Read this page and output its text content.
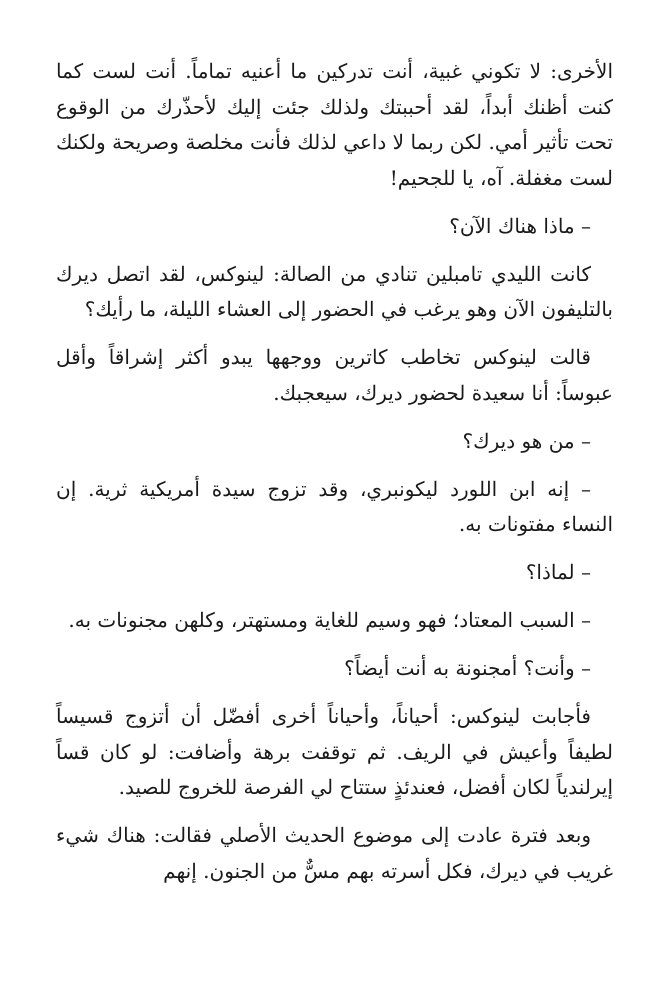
الأخرى: لا تكوني غبية، أنت تدركين ما أعنيه تماماً. أنت لست كما كنت أظنك أبداً، لقد أحببتك ولذلك جئت إليك لأحذّرك من الوقوع تحت تأثير أمي. لكن ربما لا داعي لذلك فأنت مخلصة وصريحة ولكنك لست مغفلة. آه، يا للجحيم!

– ماذا هناك الآن؟

كانت الليدي تامبلين تنادي من الصالة: لينوكس، لقد اتصل ديرك بالتليفون الآن وهو يرغب في الحضور إلى العشاء الليلة، ما رأيك؟

قالت لينوكس تخاطب كاترين ووجهها يبدو أكثر إشراقاً وأقل عبوساً: أنا سعيدة لحضور ديرك، سيعجبك.

– من هو ديرك؟

– إنه ابن اللورد ليكونبري، وقد تزوج سيدة أمريكية ثرية. إن النساء مفتونات به.

– لماذا؟

– السبب المعتاد؛ فهو وسيم للغاية ومستهتر، وكلهن مجنونات به.

– وأنت؟ أمجنونة به أنت أيضاً؟

فأجابت لينوكس: أحياناً، وأحياناً أخرى أفضّل أن أتزوج قسيساً لطيفاً وأعيش في الريف. ثم توقفت برهة وأضافت: لو كان قساً إيرلندياً لكان أفضل، فعندئذٍ ستتاح لي الفرصة للخروج للصيد.

وبعد فترة عادت إلى موضوع الحديث الأصلي فقالت: هناك شيء غريب في ديرك، فكل أسرته بهم مسٌّ من الجنون. إنهم
